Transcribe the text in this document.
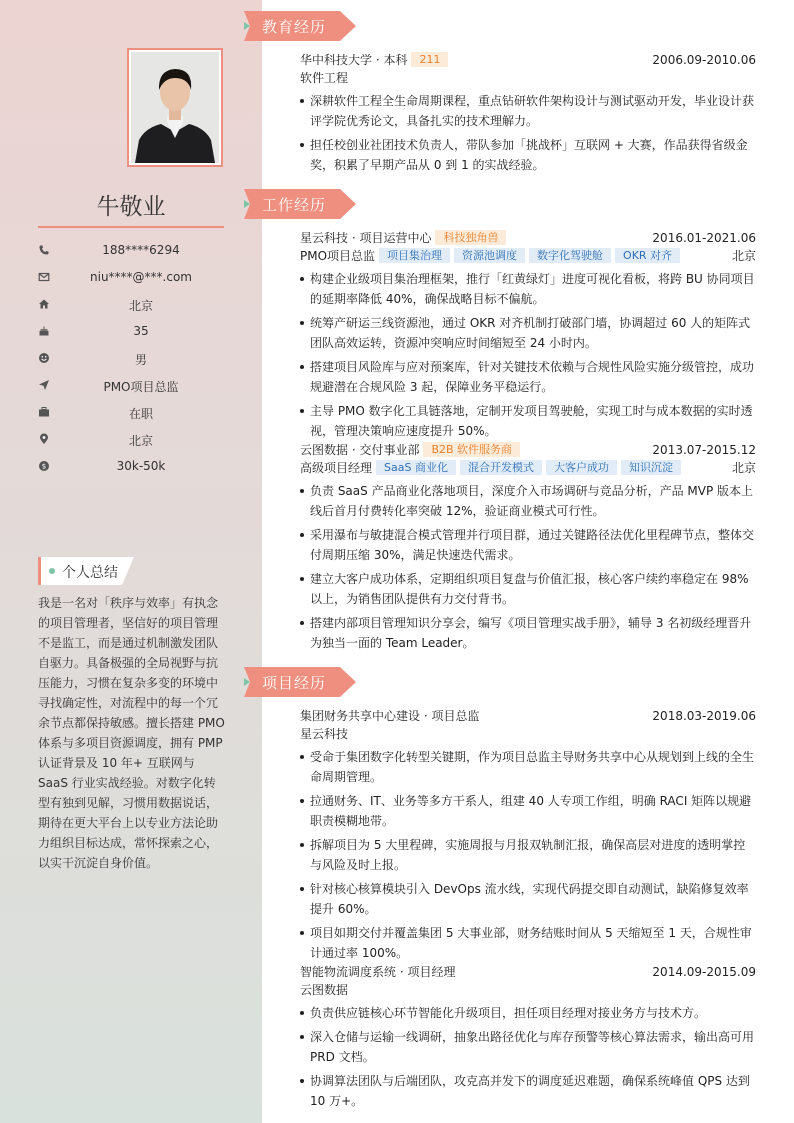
牛敬业
188****6294
niu****@***.com
北京
35
男
PMO项目总监
在职
北京
$	30k-50k
个人总结
我是一名对「秩序与效率」有执念的项目管理者，坚信好的项目管理不是监工，而是通过机制激发团队自驱力。具备极强的全局视野与抗压能力，习惯在复杂多变的环境中寻找确定性，对流程中的每一个冗余节点都保持敏感。擅长搭建 PMO 体系与多项目资源调度，拥有 PMP 认证背景及 10 年+ 互联网与 SaaS 行业实战经验。对数字化转型有独到见解，习惯用数据说话，期待在更大平台上以专业方法论助力组织目标达成，常怀探索之心，以实干沉淀自身价值。
教育经历
华中科技大学 · 本科 211	2006.09-2010.06
软件工程
深耕软件工程全生命周期课程，重点钻研软件架构设计与测试驱动开发，毕业设计获评学院优秀论文，具备扎实的技术理解力。
担任校创业社团技术负责人，带队参加「挑战杯」互联网 + 大赛，作品获得省级金奖，积累了早期产品从 0 到 1 的实战经验。
工作经历
星云科技 · 项目运营中心 科技独角兽	2016.01-2021.06
PMO项目总监 项目集治理 资源池调度 数字化驾驶舱 OKR 对齐	北京
构建企业级项目集治理框架，推行「红黄绿灯」进度可视化看板，将跨 BU 协同项目的延期率降低 40%，确保战略目标不偏航。
统筹产研运三线资源池，通过 OKR 对齐机制打破部门墙，协调超过 60 人的矩阵式团队高效运转，资源冲突响应时间缩短至 24 小时内。
搭建项目风险库与应对预案库，针对关键技术依赖与合规性风险实施分级管控，成功规避潜在合规风险 3 起，保障业务平稳运行。
主导 PMO 数字化工具链落地，定制开发项目驾驶舱，实现工时与成本数据的实时透视，管理决策响应速度提升 50%。
云图数据 · 交付事业部 B2B 软件服务商	2013.07-2015.12
高级项目经理 SaaS 商业化 混合开发模式 大客户成功 知识沉淀	北京
负责 SaaS 产品商业化落地项目，深度介入市场调研与竞品分析，产品 MVP 版本上线后首月付费转化率突破 12%，验证商业模式可行性。
采用瀑布与敏捷混合模式管理并行项目群，通过关键路径法优化里程碑节点，整体交付周期压缩 30%，满足快速迭代需求。
建立大客户成功体系，定期组织项目复盘与价值汇报，核心客户续约率稳定在 98% 以上，为销售团队提供有力交付背书。
搭建内部项目管理知识分享会，编写《项目管理实战手册》，辅导 3 名初级经理晋升为独当一面的 Team Leader。
项目经历
集团财务共享中心建设 · 项目总监	2018.03-2019.06
星云科技
受命于集团数字化转型关键期，作为项目总监主导财务共享中心从规划到上线的全生命周期管理。
拉通财务、IT、业务等多方干系人，组建 40 人专项工作组，明确 RACI 矩阵以规避职责模糊地带。
拆解项目为 5 大里程碑，实施周报与月报双轨制汇报，确保高层对进度的透明掌控与风险及时上报。
针对核心核算模块引入 DevOps 流水线，实现代码提交即自动测试，缺陷修复效率提升 60%。
项目如期交付并覆盖集团 5 大事业部，财务结账时间从 5 天缩短至 1 天，合规性审计通过率 100%。
智能物流调度系统 · 项目经理	2014.09-2015.09
云图数据
负责供应链核心环节智能化升级项目，担任项目经理对接业务方与技术方。
深入仓储与运输一线调研，抽象出路径优化与库存预警等核心算法需求，输出高可用 PRD 文档。
协调算法团队与后端团队，攻克高并发下的调度延迟难题，确保系统峰值 QPS 达到 10 万+。
